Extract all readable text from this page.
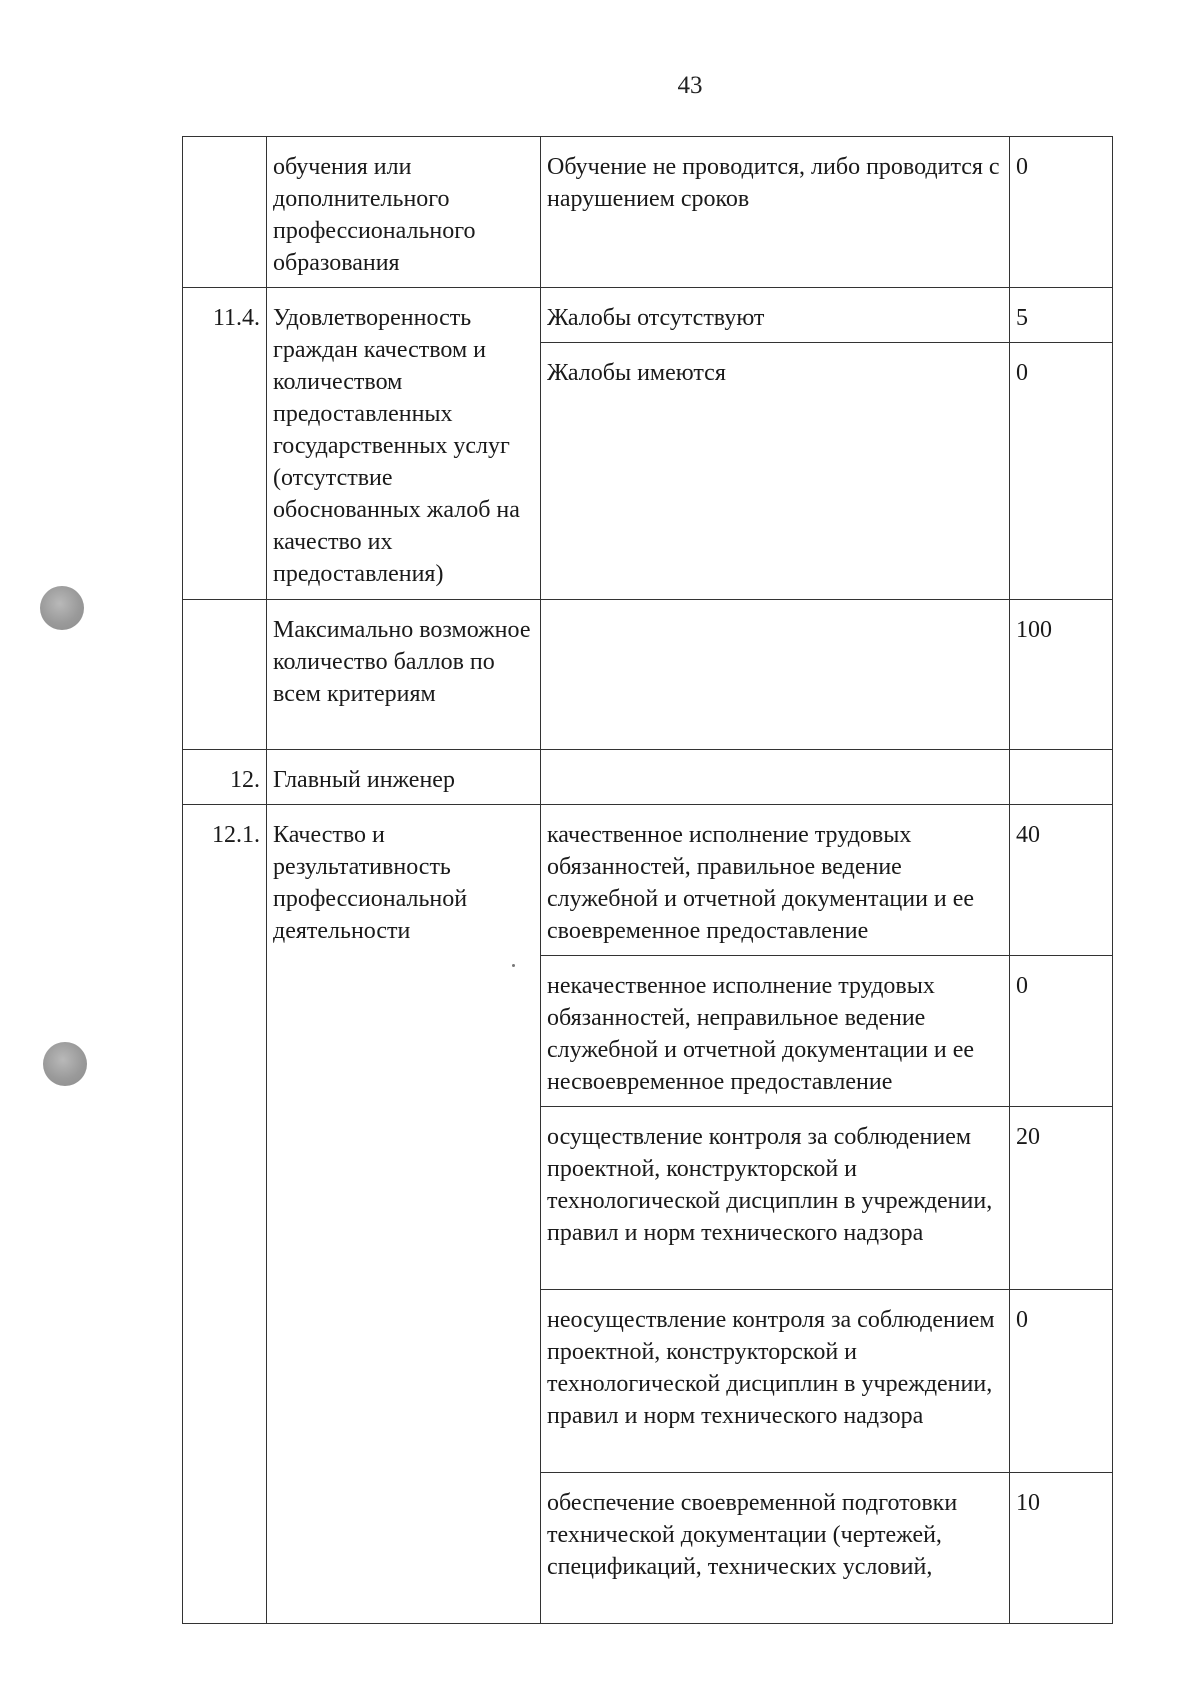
43
	обучения или дополнительного профессионального образования	Обучение не проводится, либо проводится с нарушением сроков	0
11.4.	Удовлетворенность граждан качеством и количеством предоставленных государственных услуг (отсутствие обоснованных жалоб на качество их предоставления)	Жалобы отсутствуют	5
		Жалобы имеются	0
	Максимально возможное количество баллов по всем критериям		100
12.	Главный инженер		
12.1.	Качество и результативность профессиональной деятельности	качественное исполнение трудовых обязанностей, правильное ведение служебной и отчетной документации и ее своевременное предоставление	40
		некачественное исполнение трудовых обязанностей, неправильное ведение служебной и отчетной документации и ее несвоевременное предоставление	0
		осуществление контроля за соблюдением проектной, конструкторской и технологической дисциплин в учреждении, правил и норм технического надзора	20
		неосуществление контроля за соблюдением проектной, конструкторской и технологической дисциплин в учреждении, правил и норм технического надзора	0
		обеспечение своевременной подготовки технической документации (чертежей, спецификаций, технических условий,	10
